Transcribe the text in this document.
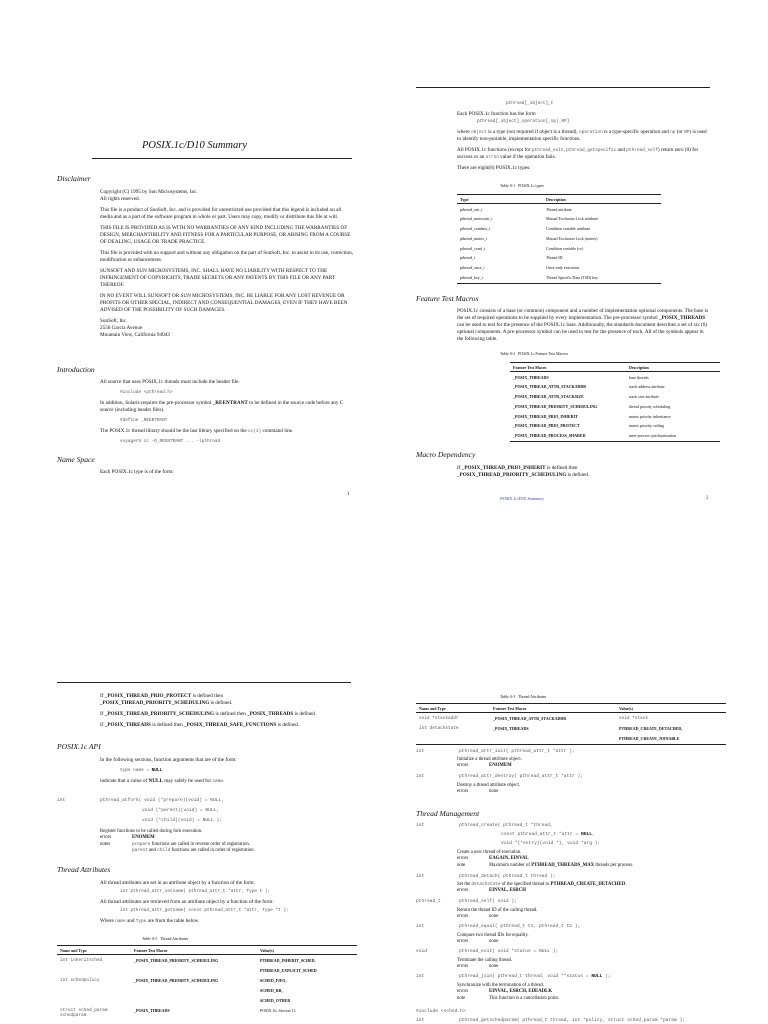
POSIX.1c/D10 Summary
Disclaimer

Copyright (C) 1995 by Sun Microsystems, Inc.
All rights reserved.

This file is a product of SunSoft, Inc. and is provided for unrestricted use provided that this legend is included on all media and as a part of the software program in whole or part. Users may copy, modify or distribute this file at will.

THIS FILE IS PROVIDED AS IS WITH NO WARRANTIES OF ANY KIND INCLUDING THE WARRANTIES OF DESIGN, MERCHANTIBILITY AND FITNESS FOR A PARTICULAR PURPOSE, OR ARISING FROM A COURSE OF DEALING, USAGE OR TRADE PRACTICE.

This file is provided with no support and without any obligation on the part of SunSoft, Inc. to assist in its use, correction, modification or enhancement.

SUNSOFT AND SUN MICROSYSTEMS, INC. SHALL HAVE NO LIABILITY WITH RESPECT TO THE INFRINGEMENT OF COPYRIGHTS, TRADE SECRETS OR ANY PATENTS BY THIS FILE OR ANY PART THEREOF.

IN NO EVENT WILL SUNSOFT OR SUN MICROSYSTEMS, INC. BE LIABLE FOR ANY LOST REVENUE OR PROFITS OR OTHER SPECIAL, INDIRECT AND CONSEQUENTIAL DAMAGES, EVEN IF THEY HAVE BEEN ADVISED OF THE POSSIBILITY OF SUCH DAMAGES.

SunSoft, Inc.
2550 Garcia Avenue
Mountain View, California 94043

Introduction

All source that uses POSIX.1c threads must include the header file.

#include <pthread.h>

In addition, Solaris requires the pre-processor symbol _REENTRANT to be defined in the source code before any C source (including header files).

#define _REENTRANT

The POSIX.1c thread library should be the last library specified on the cc(1) command line.

voyager% cc -D_REENTRANT ... -lpthread

Name Space

Each POSIX.1c type is of the form:

1
pthread[_object]_t

Each POSIX.1c function has the form

pthread[_object]_operation[_np|_NP]

where object is a type (not required if object is a thread), operation is a type-specific operation and np (or NP) is used to identify non-portable, implementation specific functions.

All POSIX.1c functions (except for pthread_exit, pthread_getspecific and pthread_self) return zero (0) for success or an errno value if the operation fails.

There are eight(8) POSIX.1c types:

Table 0-1 POSIX.1c types
Type	Description
pthread_attr_t	Thread attribute
pthread_mutexattr_t	Mutual Exclusion Lock attribute
pthread_condattr_t	Condition variable attribute
pthread_mutex_t	Mutual Exclusion Lock (mutex)
pthread_cond_t	Condition variable (cv)
pthread_t	Thread ID
pthread_once_t	Once-only execution
pthread_key_t	Thread Specific Data (TSD) key
Feature Test Macros

POSIX.1c consists of a base (or common) component and a number of implementation optional components. The base is the set of required operations to be supplied by every implementation. The pre-processor symbol _POSIX_THREADS can be used to test for the presence of the POSIX.1c base. Additionally, the standards document describes a set of six (6) optional components. A pre-processor symbol can be used to test for the presence of each. All of the symbols appear in the following table.

Table 0-2 POSIX.1c Feature Test Macros
Feature Test Macro	Description
_POSIX_THREADS	base threads
_POSIX_THREAD_ATTR_STACKADDR	stack address attribute
_POSIX_THREAD_ATTR_STACKSIZE	stack size attribute
_POSIX_THREAD_PRIORITY_SCHEDULING	thread priority scheduling
_POSIX_THREAD_PRIO_INHERIT	mutex priority inheritance
_POSIX_THREAD_PRIO_PROTECT	mutex priority ceiling
_POSIX_THREAD_PROCESS_SHARED	inter-process synchronization
Macro Dependency

If _POSIX_THREAD_PRIO_INHERIT is defined then
_POSIX_THREAD_PRIORITY_SCHEDULING is defined.

POSIX.1c/D10 Summary	2

If _POSIX_THREAD_PRIO_PROTECT is defined then
_POSIX_THREAD_PRIORITY_SCHEDULING is defined.

If _POSIX_THREAD_PRIORITY_SCHEDULING is defined then _POSIX_THREADS is defined.

If _POSIX_THREADS is defined then _POSIX_THREAD_SAFE_FUNCTIONS is defined.

POSIX.1c API

In the following sections, function arguments that are of the form:

type name = NULL

indicate that a value of NULL may safely be used for name.

int	pthread_atfork( void (*prepare)(void) = NULL,
void (*parent)(void) = NULL,
void (*child)(void) = NULL );
Register functions to be called during fork execution.
errors	ENOMEM
notes	prepare functions are called in reverse order of registration.
parent and child functions are called in order of registration.
Thread Attributes

All thread attributes are set in an attribute object by a function of the form:

int pthread_attr_setname( pthread_attr_t *attr, Type t );

All thread attributes are retrieved from an attribute object by a function of the form:

int pthread_attr_getname( const pthread_attr_t *attr, Type *t );

Where name and Type are from the table below.

Table 0-3 Thread Attributes
Name and Type	Feature Test Macro	Value(s)
int inheritsched	_POSIX_THREAD_PRIORITY_SCHEDULING	PTHREAD_INHERIT_SCHED,
		PTHREAD_EXPLICIT_SCHED
int schedpolicy	_POSIX_THREAD_PRIORITY_SCHEDULING	SCHED_FIFO,
		SCHED_RR,
		SCHED_OTHER
struct sched_param
schedparam	_POSIX_THREADS	POSIX.1b, Section 13
Table 0-3 Thread Attributes
Name and Type	Feature Test Macro	Value(s)
void *stackaddr	_POSIX_THREAD_ATTR_STACKADDR	void *stack
int detachstate	_POSIX_THREADS	PTHREAD_CREATE_DETACHED,
		PTHREAD_CREATE_JOINABLE
int	pthread_attr_init( pthread_attr_t *attr );
Initialize a thread attribute object.
errors	ENOMEM
int	pthread_attr_destroy( pthread_attr_t *attr );
Destroy a thread attribute object.
errors	none
Thread Management
int	pthread_create( pthread_t *thread,
const pthread_attr_t *attr = NULL,
void *(*entry)(void *), void *arg );
Create a new thread of execution.
errors	EAGAIN, EINVAL
note	Maximum number of PTHREAD_THREADS_MAX threads per process.
int	pthread_detach( pthread_t thread );
Set the detachstate of the specified thread to PTHREAD_CREATE_DETACHED.
errors	EINVAL, ESRCH
pthread_t	pthread_self( void );
Return the thread ID of the calling thread.
errors	none
int	pthread_equal( pthread_t t1, pthread_t t2 );
Compare two thread IDs for equality.
errors	none
void	pthread_exit( void *status = NULL );
Terminate the calling thread.
errors	none
int	pthread_join( pthread_t thread, void **status = NULL );
Synchronize with the termination of a thread.
errors	EINVAL, ESRCH, EDEADLK
note	This function is a cancellation point.
#include <sched.h>
int	pthread_getschedparam( pthread_t thread, int *policy, struct sched_param *param );
